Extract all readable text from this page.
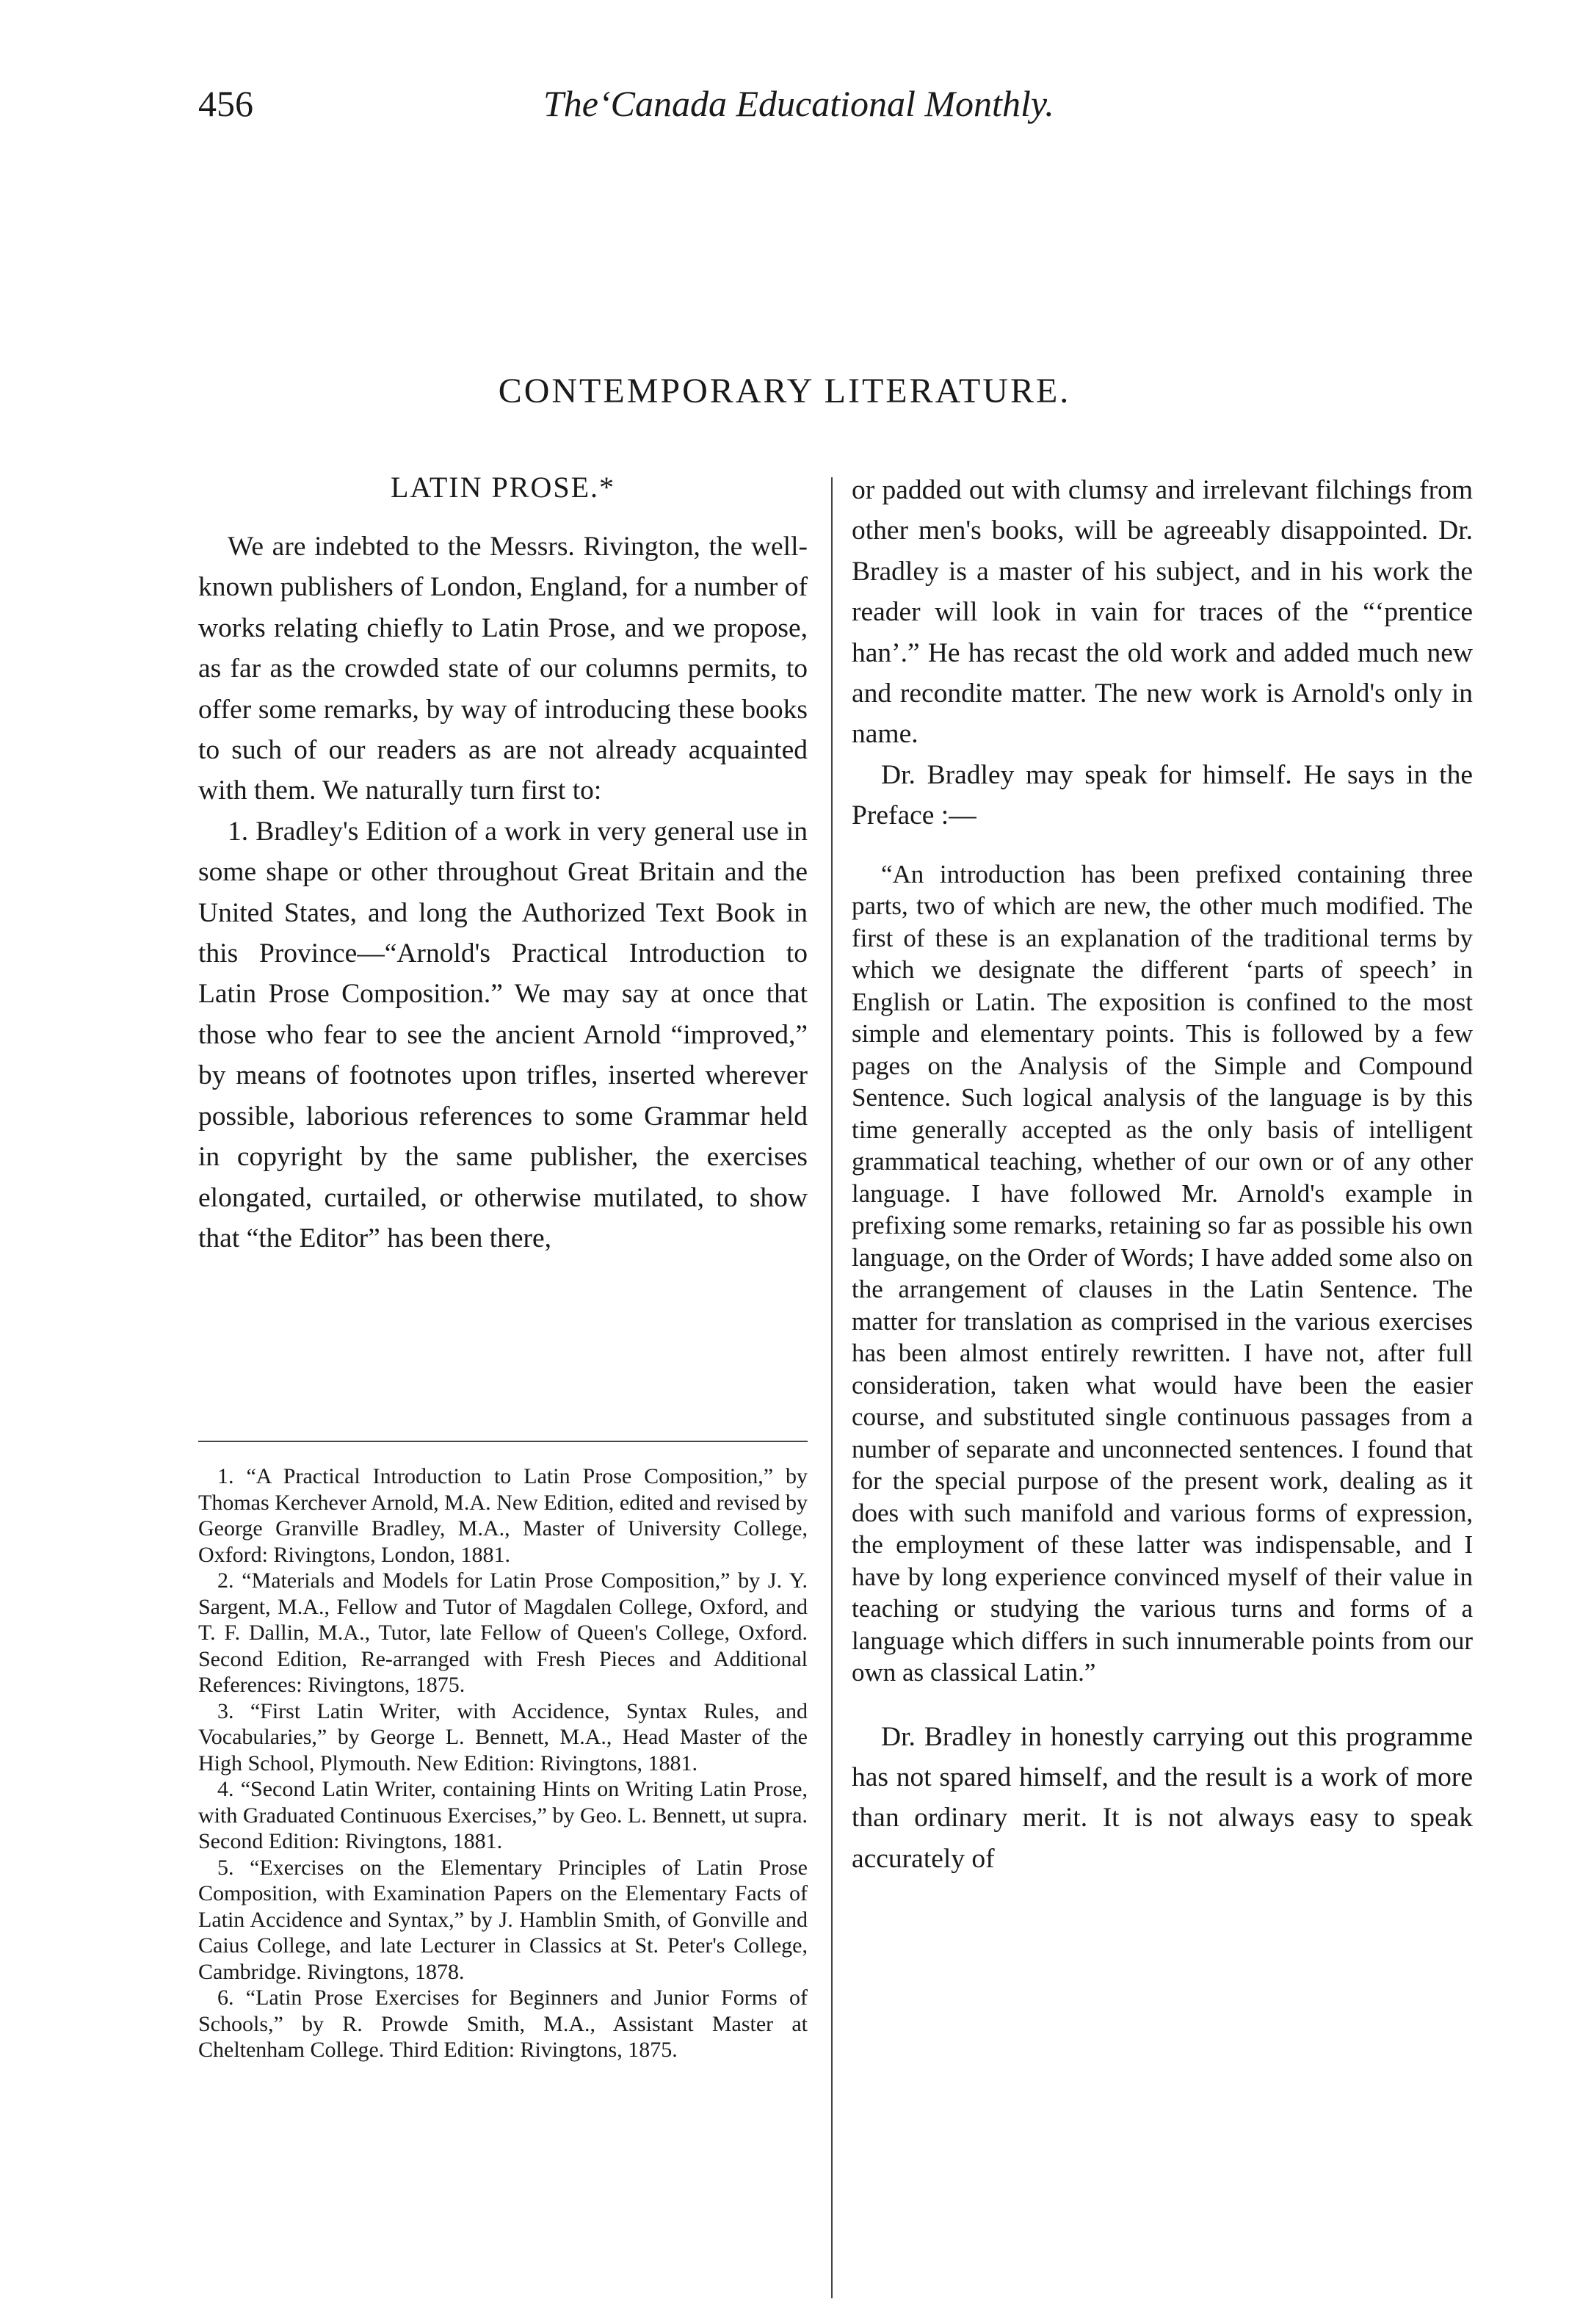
456	The‘Canada Educational Monthly.
CONTEMPORARY LITERATURE.
LATIN PROSE.*

We are indebted to the Messrs. Rivington, the well-known publishers of London, England, for a number of works relating chiefly to Latin Prose, and we propose, as far as the crowded state of our columns permits, to offer some remarks, by way of introducing these books to such of our readers as are not already acquainted with them. We naturally turn first to:

1. Bradley's Edition of a work in very general use in some shape or other throughout Great Britain and the United States, and long the Authorized Text Book in this Province—“Arnold's Practical Introduction to Latin Prose Composition.” We may say at once that those who fear to see the ancient Arnold “improved,” by means of footnotes upon trifles, inserted wherever possible, laborious references to some Grammar held in copyright by the same publisher, the exercises elongated, curtailed, or otherwise mutilated, to show that “the Editor” has been there,

or padded out with clumsy and irrelevant filchings from other men's books, will be agreeably disappointed. Dr. Bradley is a master of his subject, and in his work the reader will look in vain for traces of the “‘prentice han’.” He has recast the old work and added much new and recondite matter. The new work is Arnold's only in name.

Dr. Bradley may speak for himself. He says in the Preface :—

“An introduction has been prefixed containing three parts, two of which are new, the other much modified. The first of these is an explanation of the traditional terms by which we designate the different ‘parts of speech’ in English or Latin. The exposition is confined to the most simple and elementary points. This is followed by a few pages on the Analysis of the Simple and Compound Sentence. Such logical analysis of the language is by this time generally accepted as the only basis of intelligent grammatical teaching, whether of our own or of any other language. I have followed Mr. Arnold's example in prefixing some remarks, retaining so far as possible his own language, on the Order of Words; I have added some also on the arrangement of clauses in the Latin Sentence. The matter for translation as comprised in the various exercises has been almost entirely rewritten. I have not, after full consideration, taken what would have been the easier course, and substituted single continuous passages from a number of separate and unconnected sentences. I found that for the special purpose of the present work, dealing as it does with such manifold and various forms of expression, the employment of these latter was indispensable, and I have by long experience convinced myself of their value in teaching or studying the various turns and forms of a language which differs in such innumerable points from our own as classical Latin.”

Dr. Bradley in honestly carrying out this programme has not spared himself, and the result is a work of more than ordinary merit. It is not always easy to speak accurately of

1. “A Practical Introduction to Latin Prose Composition,” by Thomas Kerchever Arnold, M.A. New Edition, edited and revised by George Granville Bradley, M.A., Master of University College, Oxford: Rivingtons, London, 1881.

2. “Materials and Models for Latin Prose Composition,” by J. Y. Sargent, M.A., Fellow and Tutor of Magdalen College, Oxford, and T. F. Dallin, M.A., Tutor, late Fellow of Queen's College, Oxford. Second Edition, Re-arranged with Fresh Pieces and Additional References: Rivingtons, 1875.

3. “First Latin Writer, with Accidence, Syntax Rules, and Vocabularies,” by George L. Bennett, M.A., Head Master of the High School, Plymouth. New Edition: Rivingtons, 1881.

4. “Second Latin Writer, containing Hints on Writing Latin Prose, with Graduated Continuous Exercises,” by Geo. L. Bennett, ut supra. Second Edition: Rivingtons, 1881.

5. “Exercises on the Elementary Principles of Latin Prose Composition, with Examination Papers on the Elementary Facts of Latin Accidence and Syntax,” by J. Hamblin Smith, of Gonville and Caius College, and late Lecturer in Classics at St. Peter's College, Cambridge. Rivingtons, 1878.

6. “Latin Prose Exercises for Beginners and Junior Forms of Schools,” by R. Prowde Smith, M.A., Assistant Master at Cheltenham College. Third Edition: Rivingtons, 1875.
